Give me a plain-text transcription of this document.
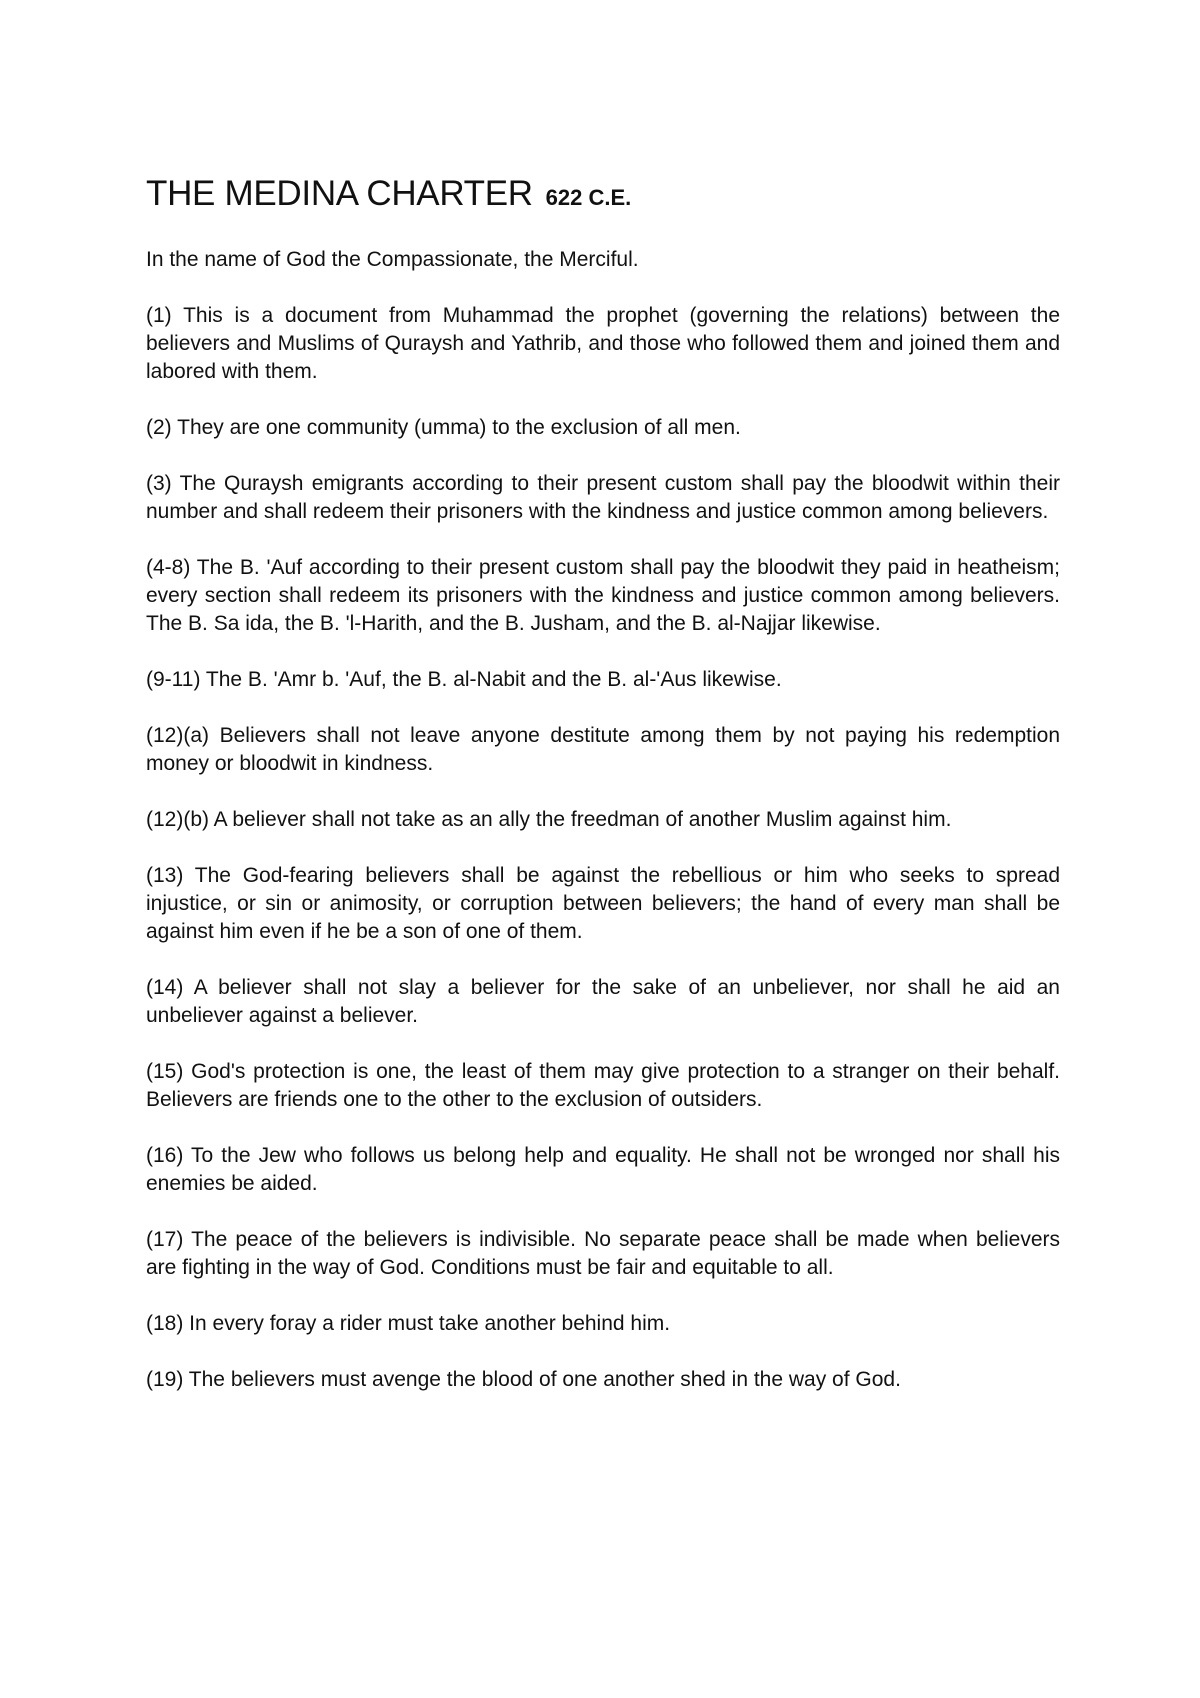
THE MEDINA CHARTER 622 C.E.

In the name of God the Compassionate, the Merciful.

(1) This is a document from Muhammad the prophet (governing the relations) between the believers and Muslims of Quraysh and Yathrib, and those who followed them and joined them and labored with them.

(2) They are one community (umma) to the exclusion of all men.

(3) The Quraysh emigrants according to their present custom shall pay the bloodwit within their number and shall redeem their prisoners with the kindness and justice common among believers.

(4-8) The B. 'Auf according to their present custom shall pay the bloodwit they paid in heatheism; every section shall redeem its prisoners with the kindness and justice common among believers. The B. Sa ida, the B. 'l-Harith, and the B. Jusham, and the B. al-Najjar likewise.

(9-11) The B. 'Amr b. 'Auf, the B. al-Nabit and the B. al-'Aus likewise.

(12)(a) Believers shall not leave anyone destitute among them by not paying his redemption money or bloodwit in kindness.

(12)(b) A believer shall not take as an ally the freedman of another Muslim against him.

(13) The God-fearing believers shall be against the rebellious or him who seeks to spread injustice, or sin or animosity, or corruption between believers; the hand of every man shall be against him even if he be a son of one of them.

(14) A believer shall not slay a believer for the sake of an unbeliever, nor shall he aid an unbeliever against a believer.

(15) God's protection is one, the least of them may give protection to a stranger on their behalf. Believers are friends one to the other to the exclusion of outsiders.

(16) To the Jew who follows us belong help and equality. He shall not be wronged nor shall his enemies be aided.

(17) The peace of the believers is indivisible. No separate peace shall be made when believers are fighting in the way of God. Conditions must be fair and equitable to all.

(18) In every foray a rider must take another behind him.

(19) The believers must avenge the blood of one another shed in the way of God.
